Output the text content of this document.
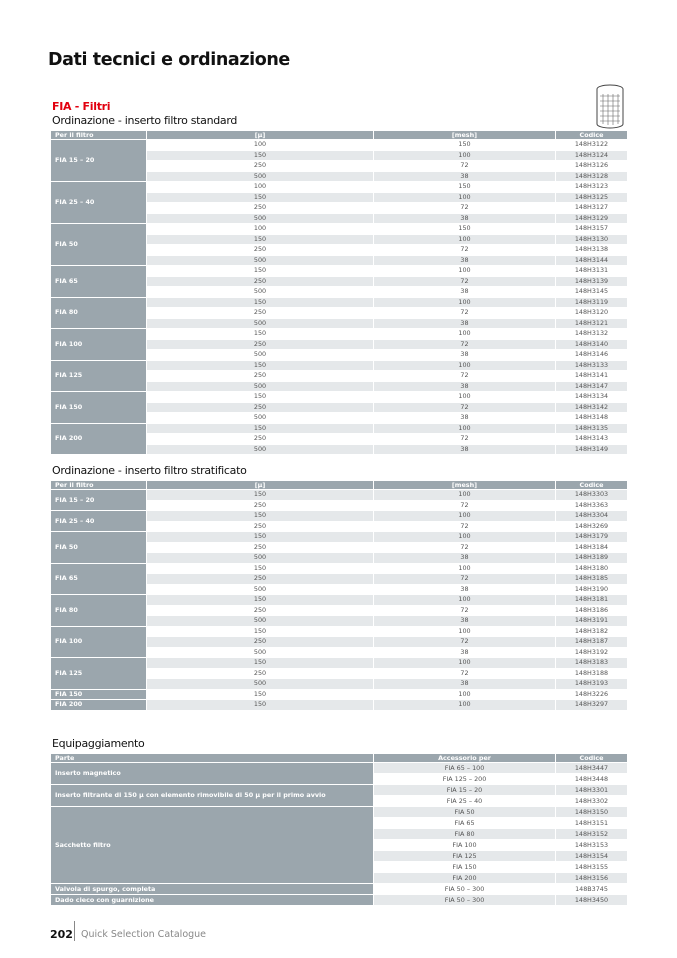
Dati tecnici e ordinazione
FIA - Filtri
Ordinazione - inserto filtro standard
Per il filtro	[μ]	[mesh]	Codice
FIA 15 – 20	100	150	148H3122
	150	100	148H3124
	250	72	148H3126
	500	38	148H3128
FIA 25 – 40	100	150	148H3123
	150	100	148H3125
	250	72	148H3127
	500	38	148H3129
FIA 50	100	150	148H3157
	150	100	148H3130
	250	72	148H3138
	500	38	148H3144
FIA 65	150	100	148H3131
	250	72	148H3139
	500	38	148H3145
FIA 80	150	100	148H3119
	250	72	148H3120
	500	38	148H3121
FIA 100	150	100	148H3132
	250	72	148H3140
	500	38	148H3146
FIA 125	150	100	148H3133
	250	72	148H3141
	500	38	148H3147
FIA 150	150	100	148H3134
	250	72	148H3142
	500	38	148H3148
FIA 200	150	100	148H3135
	250	72	148H3143
	500	38	148H3149
Ordinazione - inserto filtro stratificato
Per il filtro	[μ]	[mesh]	Codice
FIA 15 – 20	150	100	148H3303
	250	72	148H3363
FIA 25 – 40	150	100	148H3304
	250	72	148H3269
FIA 50	150	100	148H3179
	250	72	148H3184
	500	38	148H3189
FIA 65	150	100	148H3180
	250	72	148H3185
	500	38	148H3190
FIA 80	150	100	148H3181
	250	72	148H3186
	500	38	148H3191
FIA 100	150	100	148H3182
	250	72	148H3187
	500	38	148H3192
FIA 125	150	100	148H3183
	250	72	148H3188
	500	38	148H3193
FIA 150	150	100	148H3226
FIA 200	150	100	148H3297
Equipaggiamento
Parte	Accessorio per	Codice
Inserto magnetico	FIA 65 – 100	148H3447
	FIA 125 – 200	148H3448
Inserto filtrante di 150 μ con elemento rimovibile di 50 μ per il primo avvio	FIA 15 – 20	148H3301
	FIA 25 – 40	148H3302
Sacchetto filtro	FIA 50	148H3150
	FIA 65	148H3151
	FIA 80	148H3152
	FIA 100	148H3153
	FIA 125	148H3154
	FIA 150	148H3155
	FIA 200	148H3156
Valvola di spurgo, completa	FIA 50 – 300	148B3745
Dado cieco con guarnizione	FIA 50 – 300	148H3450
202 Quick Selection Catalogue
